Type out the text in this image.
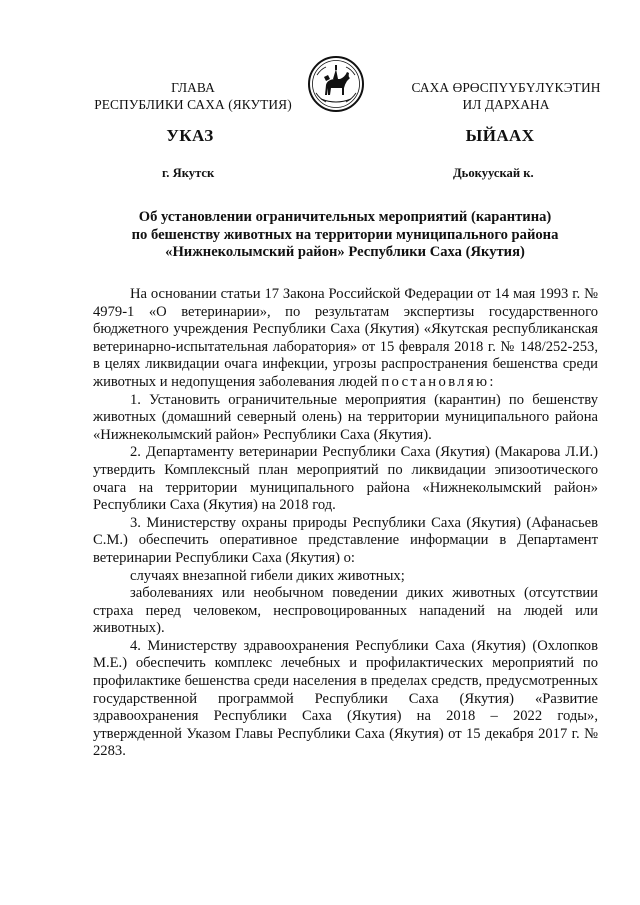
ГЛАВА
РЕСПУБЛИКИ САХА (ЯКУТИЯ)
САХА ӨРӨСПҮҮБҮЛҮКЭТИН
ИЛ ДАРХАНА
УКАЗ	ЫЙААХ
г. Якутск	Дьокуускай к.
Об установлении ограничительных мероприятий (карантина)
по бешенству животных на территории муниципального района
«Нижнеколымский район» Республики Саха (Якутия)

На основании статьи 17 Закона Российской Федерации от 14 мая 1993 г. № 4979-1 «О ветеринарии», по результатам экспертизы государственного бюджетного учреждения Республики Саха (Якутия) «Якутская республиканская ветеринарно-испытательная лаборатория» от 15 февраля 2018 г. № 148/252-253, в целях ликвидации очага инфекции, угрозы распространения бешенства среди животных и недопущения заболевания людей постановляю:

1. Установить ограничительные мероприятия (карантин) по бешенству животных (домашний северный олень) на территории муниципального района «Нижнеколымский район» Республики Саха (Якутия).

2. Департаменту ветеринарии Республики Саха (Якутия) (Макарова Л.И.) утвердить Комплексный план мероприятий по ликвидации эпизоотического очага на территории муниципального района «Нижнеколымский район» Республики Саха (Якутия) на 2018 год.

3. Министерству охраны природы Республики Саха (Якутия) (Афанасьев С.М.) обеспечить оперативное представление информации в Департамент ветеринарии Республики Саха (Якутия) о:

случаях внезапной гибели диких животных;

заболеваниях или необычном поведении диких животных (отсутствии страха перед человеком, неспровоцированных нападений на людей или животных).

4. Министерству здравоохранения Республики Саха (Якутия) (Охлопков М.Е.) обеспечить комплекс лечебных и профилактических мероприятий по профилактике бешенства среди населения в пределах средств, предусмотренных государственной программой Республики Саха (Якутия) «Развитие здравоохранения Республики Саха (Якутия) на 2018 – 2022 годы», утвержденной Указом Главы Республики Саха (Якутия) от 15 декабря 2017 г. № 2283.
